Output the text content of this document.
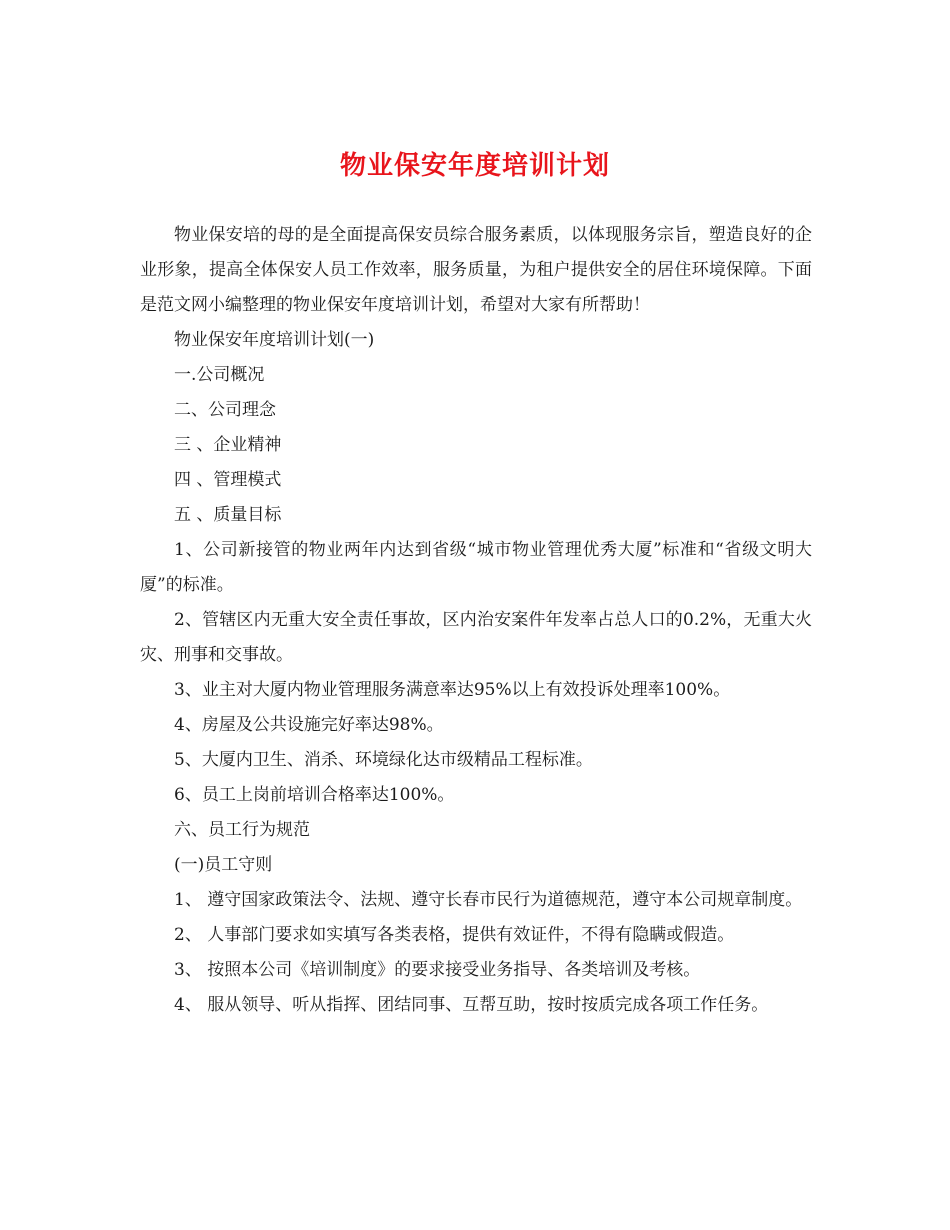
物业保安年度培训计划

物业保安培的母的是全面提高保安员综合服务素质，以体现服务宗旨，塑造良好的企业形象，提高全体保安人员工作效率，服务质量，为租户提供安全的居住环境保障。下面是范文网小编整理的物业保安年度培训计划，希望对大家有所帮助！

物业保安年度培训计划(一)

一.公司概况

二、公司理念

三 、企业精神

四 、管理模式

五 、质量目标

1、公司新接管的物业两年内达到省级“城市物业管理优秀大厦”标准和“省级文明大厦”的标准。

2、管辖区内无重大安全责任事故，区内治安案件年发率占总人口的0.2%，无重大火灾、刑事和交事故。

3、业主对大厦内物业管理服务满意率达95%以上有效投诉处理率100%。

4、房屋及公共设施完好率达98%。

5、大厦内卫生、消杀、环境绿化达市级精品工程标准。

6、员工上岗前培训合格率达100%。

六、员工行为规范

(一)员工守则

1、 遵守国家政策法令、法规、遵守长春市民行为道德规范，遵守本公司规章制度。

2、 人事部门要求如实填写各类表格，提供有效证件，不得有隐瞒或假造。

3、 按照本公司《培训制度》的要求接受业务指导、各类培训及考核。

4、 服从领导、听从指挥、团结同事、互帮互助，按时按质完成各项工作任务。
